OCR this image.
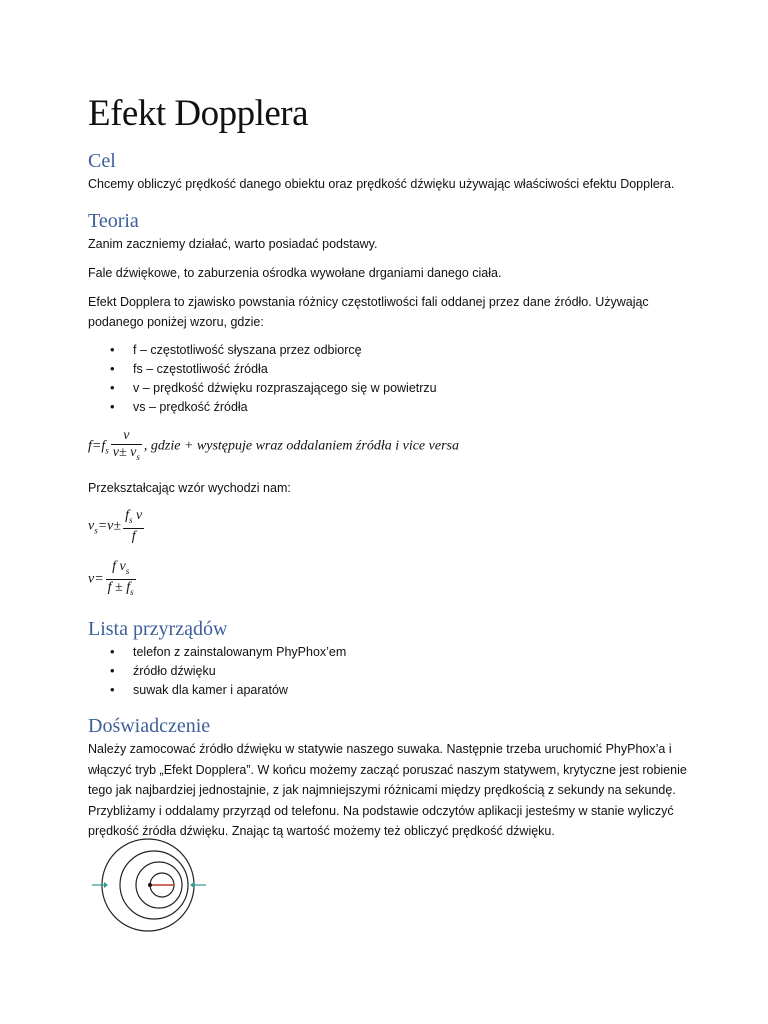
Efekt Dopplera
Cel

Chcemy obliczyć prędkość danego obiektu oraz prędkość dźwięku używając właściwości efektu Dopplera.

Teoria

Zanim zaczniemy działać, warto posiadać podstawy.

Fale dźwiękowe, to zaburzenia ośrodka wywołane drganiami danego ciała.

Efekt Dopplera to zjawisko powstania różnicy częstotliwości fali oddanej przez dane źródło. Używając podanego poniżej wzoru, gdzie:

• f – częstotliwość słyszana przez odbiorcę
• fs – częstotliwość źródła
• v – prędkość dźwięku rozpraszającego się w powietrzu
• vs – prędkość źródła
$f=f_s \frac{v}{v\pm v_s}$ , gdzie + występuje wraz oddalaniem źródła i vice versa

Przekształcając wzór wychodzi nam:

$v_s=v\pm \frac{f_s v}{f}$
$v= \frac{f v_s}{f \pm f_s}$
Lista przyrządów
• telefon z zainstalowanym PhyPhox’em
• źródło dźwięku
• suwak dla kamer i aparatów
Doświadczenie

Należy zamocować źródło dźwięku w statywie naszego suwaka. Następnie trzeba uruchomić PhyPhox’a i włączyć tryb „Efekt Dopplera”. W końcu możemy zacząć poruszać naszym statywem, krytyczne jest robienie tego jak najbardziej jednostajnie, z jak najmniejszymi różnicami między prędkością z sekundy na sekundę. Przybliżamy i oddalamy przyrząd od telefonu. Na podstawie odczytów aplikacji jesteśmy w stanie wyliczyć prędkość źródła dźwięku. Znając tą wartość możemy też obliczyć prędkość dźwięku.
